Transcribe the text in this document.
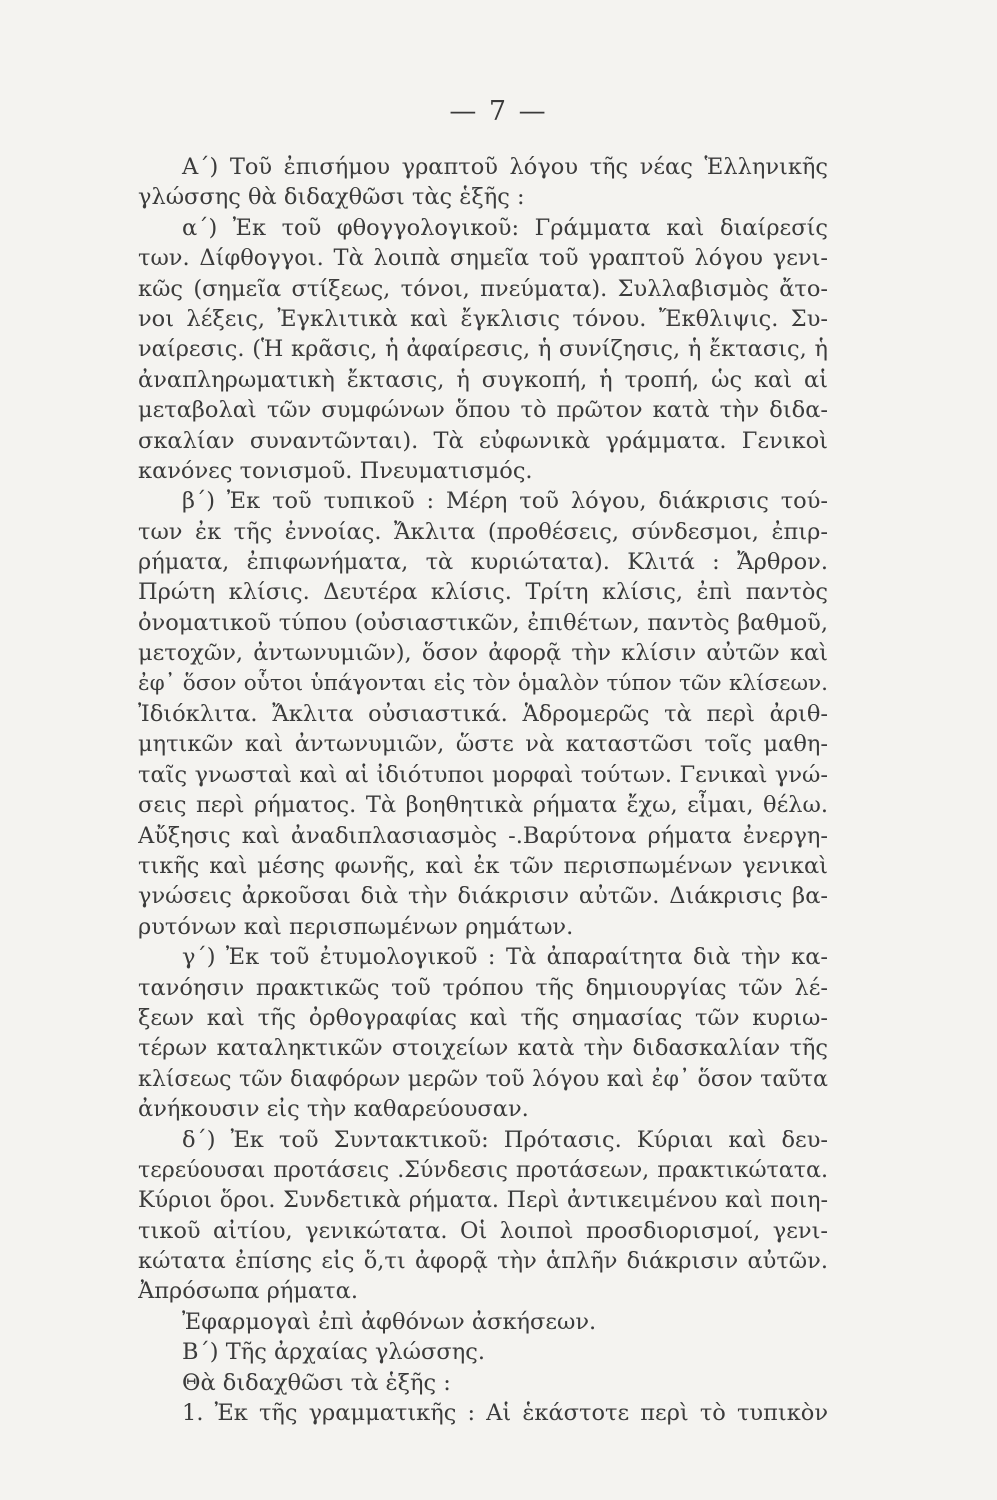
— 7 —
Α΄) Τοῦ ἐπισήμου γραπτοῦ λόγου τῆς νέας Ἑλληνικῆς
γλώσσης θὰ διδαχθῶσι τὰς ἑξῆς :
α΄) Ἐκ τοῦ φθογγολογικοῦ: Γράμματα καὶ διαίρεσίς
των. Δίφθογγοι. Τὰ λοιπὰ σημεῖα τοῦ γραπτοῦ λόγου γενι-
κῶς (σημεῖα στίξεως, τόνοι, πνεύματα). Συλλαβισμὸς ἄτο-
νοι λέξεις, Ἐγκλιτικὰ καὶ ἔγκλισις τόνου. Ἔκθλιψις. Συ-
ναίρεσις. (Ἡ κρᾶσις, ἡ ἀφαίρεσις, ἡ συνίζησις, ἡ ἔκτασις, ἡ
ἀναπληρωματικὴ ἔκτασις, ἡ συγκοπή, ἡ τροπή, ὡς καὶ αἱ
μεταβολαὶ τῶν συμφώνων ὅπου τὸ πρῶτον κατὰ τὴν διδα-
σκαλίαν συναντῶνται). Τὰ εὐφωνικὰ γράμματα. Γενικοὶ
κανόνες τονισμοῦ. Πνευματισμός.
β΄) Ἐκ τοῦ τυπικοῦ : Μέρη τοῦ λόγου, διάκρισις τού-
των ἐκ τῆς ἐννοίας. Ἄκλιτα (προθέσεις, σύνδεσμοι, ἐπιρ-
ρήματα, ἐπιφωνήματα, τὰ κυριώτατα). Κλιτά : Ἄρθρον.
Πρώτη κλίσις. Δευτέρα κλίσις. Τρίτη κλίσις, ἐπὶ παντὸς
ὀνοματικοῦ τύπου (οὐσιαστικῶν, ἐπιθέτων, παντὸς βαθμοῦ,
μετοχῶν, ἀντωνυμιῶν), ὅσον ἀφορᾷ τὴν κλίσιν αὐτῶν καὶ
ἐφ᾽ ὅσον οὗτοι ὑπάγονται εἰς τὸν ὁμαλὸν τύπον τῶν κλίσεων.
Ἰδιόκλιτα. Ἄκλιτα οὐσιαστικά. Ἁδρομερῶς τὰ περὶ ἀριθ-
μητικῶν καὶ ἀντωνυμιῶν, ὥστε νὰ καταστῶσι τοῖς μαθη-
ταῖς γνωσταὶ καὶ αἱ ἰδιότυποι μορφαὶ τούτων. Γενικαὶ γνώ-
σεις περὶ ρήματος. Τὰ βοηθητικὰ ρήματα ἔχω, εἶμαι, θέλω.
Αὔξησις καὶ ἀναδιπλασιασμὸς -.Βαρύτονα ρήματα ἐνεργη-
τικῆς καὶ μέσης φωνῆς, καὶ ἐκ τῶν περισπωμένων γενικαὶ
γνώσεις ἀρκοῦσαι διὰ τὴν διάκρισιν αὐτῶν. Διάκρισις βα-
ρυτόνων καὶ περισπωμένων ρημάτων.
γ΄) Ἐκ τοῦ ἐτυμολογικοῦ : Τὰ ἀπαραίτητα διὰ τὴν κα-
τανόησιν πρακτικῶς τοῦ τρόπου τῆς δημιουργίας τῶν λέ-
ξεων καὶ τῆς ὀρθογραφίας καὶ τῆς σημασίας τῶν κυριω-
τέρων καταληκτικῶν στοιχείων κατὰ τὴν διδασκαλίαν τῆς
κλίσεως τῶν διαφόρων μερῶν τοῦ λόγου καὶ ἐφ᾽ ὅσον ταῦτα
ἀνήκουσιν εἰς τὴν καθαρεύουσαν.
δ΄) Ἐκ τοῦ Συντακτικοῦ: Πρότασις. Κύριαι καὶ δευ-
τερεύουσαι προτάσεις .Σύνδεσις προτάσεων, πρακτικώτατα.
Κύριοι ὅροι. Συνδετικὰ ρήματα. Περὶ ἀντικειμένου καὶ ποιη-
τικοῦ αἰτίου, γενικώτατα. Οἱ λοιποὶ προσδιορισμοί, γενι-
κώτατα ἐπίσης εἰς ὅ,τι ἀφορᾷ τὴν ἁπλῆν διάκρισιν αὐτῶν.
Ἀπρόσωπα ρήματα.
Ἐφαρμογαὶ ἐπὶ ἀφθόνων ἀσκήσεων.
Β΄) Τῆς ἀρχαίας γλώσσης.
Θὰ διδαχθῶσι τὰ ἑξῆς :
1. Ἐκ τῆς γραμματικῆς : Αἱ ἑκάστοτε περὶ τὸ τυπικὸν
